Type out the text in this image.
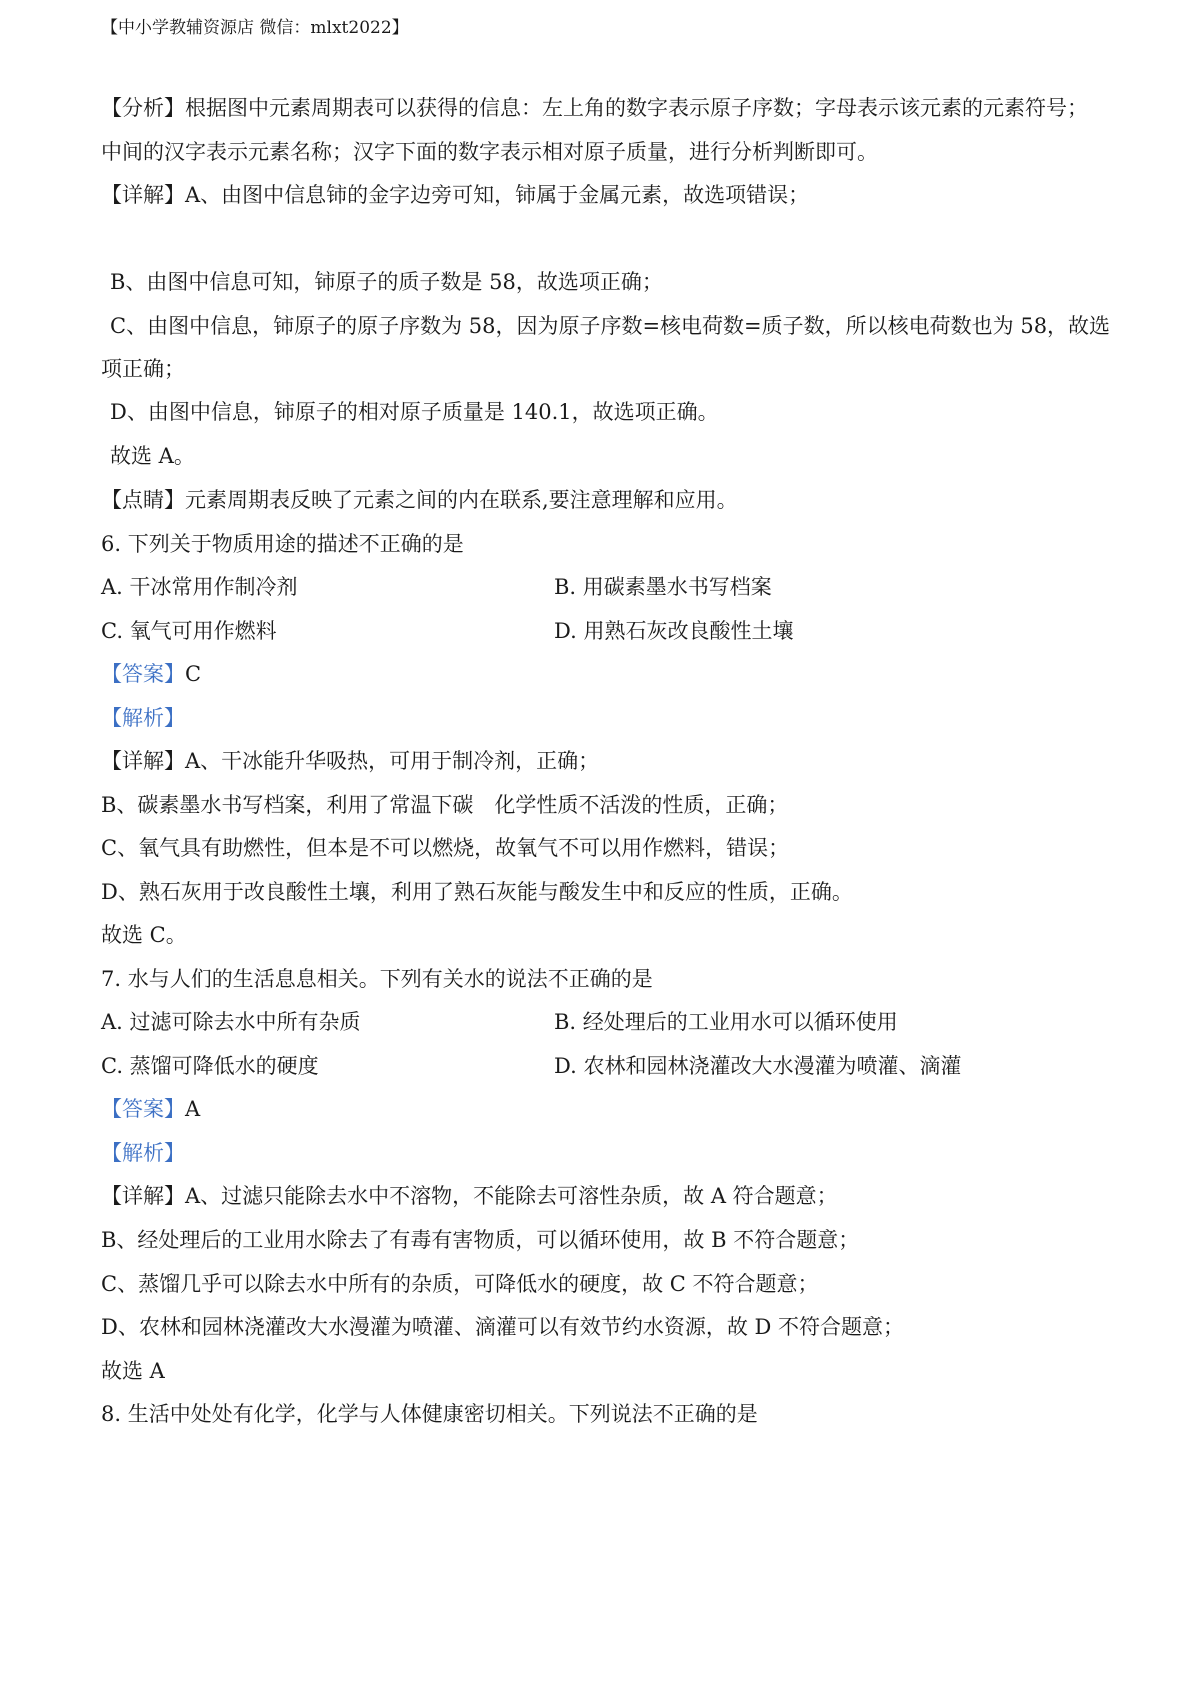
【中小学教辅资源店 微信：mlxt2022】
【分析】根据图中元素周期表可以获得的信息：左上角的数字表示原子序数；字母表示该元素的元素符号；
中间的汉字表示元素名称；汉字下面的数字表示相对原子质量，进行分析判断即可。
【详解】A、由图中信息铈的金字边旁可知，铈属于金属元素，故选项错误；
B、由图中信息可知，铈原子的质子数是 58，故选项正确；
C、由图中信息，铈原子的原子序数为 58，因为原子序数=核电荷数=质子数，所以核电荷数也为 58，故选
项正确；
D、由图中信息，铈原子的相对原子质量是 140.1，故选项正确。
故选 A。
【点睛】元素周期表反映了元素之间的内在联系,要注意理解和应用。
6. 下列关于物质用途的描述不正确的是
A. 干冰常用作制冷剂	B. 用碳素墨水书写档案
C. 氧气可用作燃料	D. 用熟石灰改良酸性土壤
【答案】C
【解析】
【详解】A、干冰能升华吸热，可用于制冷剂，正确；
B、碳素墨水书写档案，利用了常温下碳　化学性质不活泼的性质，正确；
C、氧气具有助燃性，但本是不可以燃烧，故氧气不可以用作燃料，错误；
D、熟石灰用于改良酸性土壤，利用了熟石灰能与酸发生中和反应的性质，正确。
故选 C。
7. 水与人们的生活息息相关。下列有关水的说法不正确的是
A. 过滤可除去水中所有杂质	B. 经处理后的工业用水可以循环使用
C. 蒸馏可降低水的硬度	D. 农林和园林浇灌改大水漫灌为喷灌、滴灌
【答案】A
【解析】
【详解】A、过滤只能除去水中不溶物，不能除去可溶性杂质，故 A 符合题意；
B、经处理后的工业用水除去了有毒有害物质，可以循环使用，故 B 不符合题意；
C、蒸馏几乎可以除去水中所有的杂质，可降低水的硬度，故 C 不符合题意；
D、农林和园林浇灌改大水漫灌为喷灌、滴灌可以有效节约水资源，故 D 不符合题意；
故选 A
8. 生活中处处有化学，化学与人体健康密切相关。下列说法不正确的是
